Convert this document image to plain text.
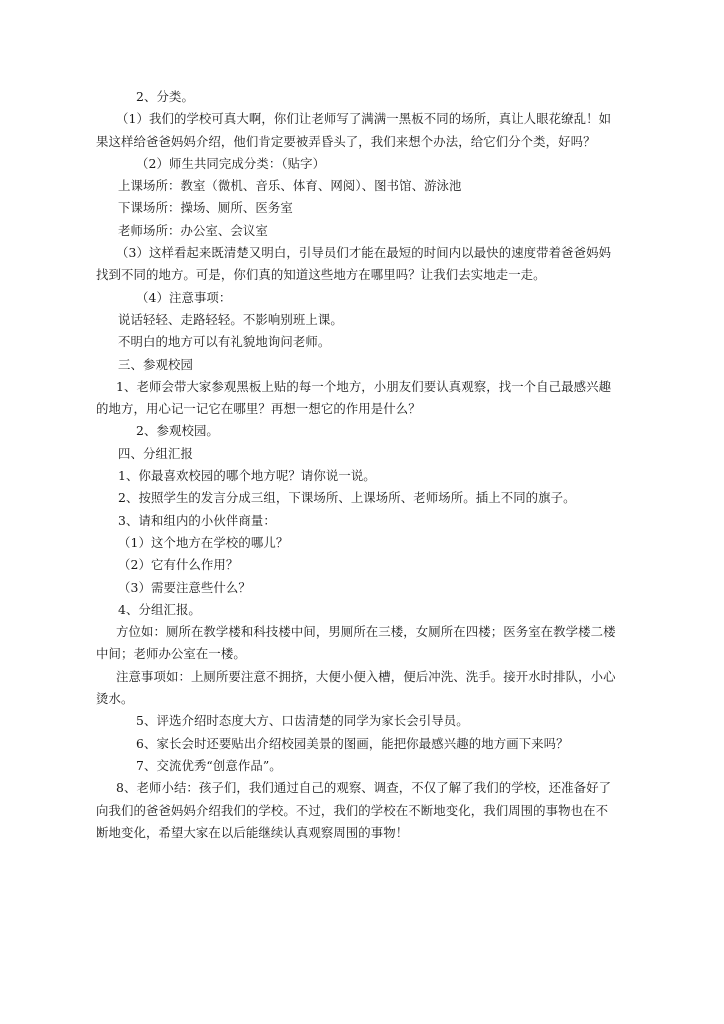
2、分类。

（1）我们的学校可真大啊，你们让老师写了满满一黑板不同的场所，真让人眼花缭乱！如果这样给爸爸妈妈介绍，他们肯定要被弄昏头了，我们来想个办法，给它们分个类，好吗？

（2）师生共同完成分类：（贴字）

上课场所：教室（微机、音乐、体育、网阅）、图书馆、游泳池

下课场所：操场、厕所、医务室

老师场所：办公室、会议室

（3）这样看起来既清楚又明白，引导员们才能在最短的时间内以最快的速度带着爸爸妈妈找到不同的地方。可是，你们真的知道这些地方在哪里吗？让我们去实地走一走。

（4）注意事项：

说话轻轻、走路轻轻。不影响别班上课。

不明白的地方可以有礼貌地询问老师。

三、参观校园

1、老师会带大家参观黑板上贴的每一个地方，小朋友们要认真观察，找一个自己最感兴趣的地方，用心记一记它在哪里？再想一想它的作用是什么？

2、参观校园。

四、分组汇报

1、你最喜欢校园的哪个地方呢？请你说一说。

2、按照学生的发言分成三组，下课场所、上课场所、老师场所。插上不同的旗子。

3、请和组内的小伙伴商量：

（1）这个地方在学校的哪儿？

（2）它有什么作用？

（3）需要注意些什么？

4、分组汇报。

方位如：厕所在教学楼和科技楼中间，男厕所在三楼，女厕所在四楼；医务室在教学楼二楼中间；老师办公室在一楼。

注意事项如：上厕所要注意不拥挤，大便小便入槽，便后冲洗、洗手。接开水时排队，小心烫水。

5、评选介绍时态度大方、口齿清楚的同学为家长会引导员。

6、家长会时还要贴出介绍校园美景的图画，能把你最感兴趣的地方画下来吗？

7、交流优秀“创意作品”。

8、老师小结：孩子们，我们通过自己的观察、调查，不仅了解了我们的学校，还准备好了向我们的爸爸妈妈介绍我们的学校。不过，我们的学校在不断地变化，我们周围的事物也在不断地变化，希望大家在以后能继续认真观察周围的事物！
